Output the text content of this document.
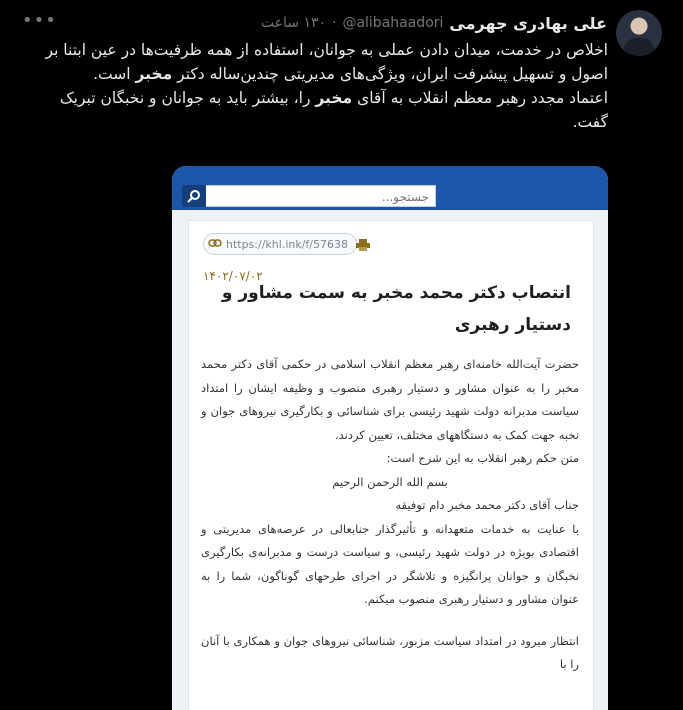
علی بهادری جهرمی
@alibahaadori
·
۱۳۰ ساعت
•••

اخلاص در خدمت، میدان دادن عملی به جوانان، استفاده از همه ظرفیت‌ها در عین ابتنا بر اصول و تسهیل پیشرفت ایران، ویژگی‌های مدیریتی چندین‌ساله دکتر مخبر است.

اعتماد مجدد رهبر معظم انقلاب به آقای مخبر را، بیشتر باید به جوانان و نخبگان تبریک گفت.

جستجو...
https://khl.ink/f/57638
۱۴۰۲/۰۷/۰۲
انتصاب دکتر محمد مخبر به سمت مشاور و دستیار رهبری

حضرت آیت‌الله خامنه‌ای رهبر معظم انقلاب اسلامی در حکمی آقای دکتر محمد مخبر را به عنوان مشاور و دستیار رهبری منصوب و وظیفه ایشان را امتداد سیاست مدبرانه دولت شهید رئیسی برای شناسائی و بکارگیری نیروهای جوان و نخبه جهت کمک به دستگاههای مختلف، تعیین کردند.

متن حکم رهبر انقلاب به این شرح است:

بسم الله الرحمن الرحیم

جناب آقای دکتر محمد مخبر دام توفیقه

با عنایت به خدمات متعهدانه و تأثیرگذار جنابعالی در عرصه‌های مدیریتی و اقتصادی بویژه در دولت شهید رئیسی، و سیاست درست و مدبرانه‌ی بکارگیری نخبگان و جوانان پرانگیزه و تلاشگر در اجرای طرحهای گوناگون، شما را به عنوان مشاور و دستیار رهبری منصوب میکنم.

انتظار میرود در امتداد سیاست مزبور، شناسائی نیروهای جوان و همکاری با آنان را با
